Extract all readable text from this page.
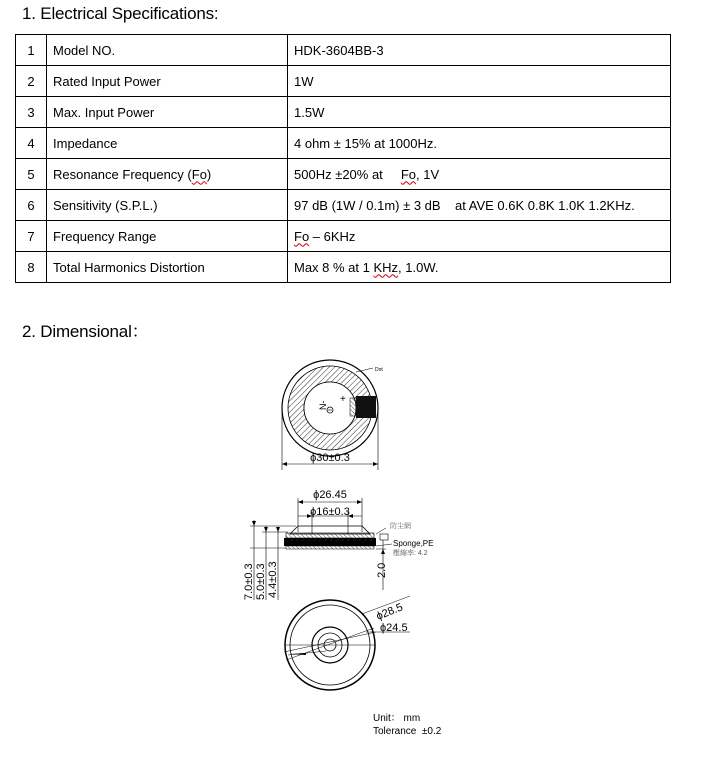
1. Electrical Specifications:
1	Model NO.	HDK-3604BB-3
2	Rated Input Power	1W
3	Max. Input Power	1.5W
4	Impedance	4 ohm ± 15% at 1000Hz.
5	Resonance Frequency (Fo)	500Hz ±20% at     Fo, 1V
6	Sensitivity (S.P.L.)	97 dB (1W / 0.1m) ± 3 dB    at AVE 0.6K 0.8K 1.0K 1.2KHz.
7	Frequency Range	Fo – 6KHz
8	Total Harmonics Distortion	Max 8 % at 1 KHz, 1.0W.
2. Dimensional：
N-
+
Dot
ϕ30±0.3
ϕ26.45
ϕ16±0.3
防尘網
Sponge,PE
壓縮率: 4.2
2.0
7.0±0.3 5.0±0.3 4.4±0.3
ϕ28.5
ϕ24.5
Unit： mm
Tolerance  ±0.2
